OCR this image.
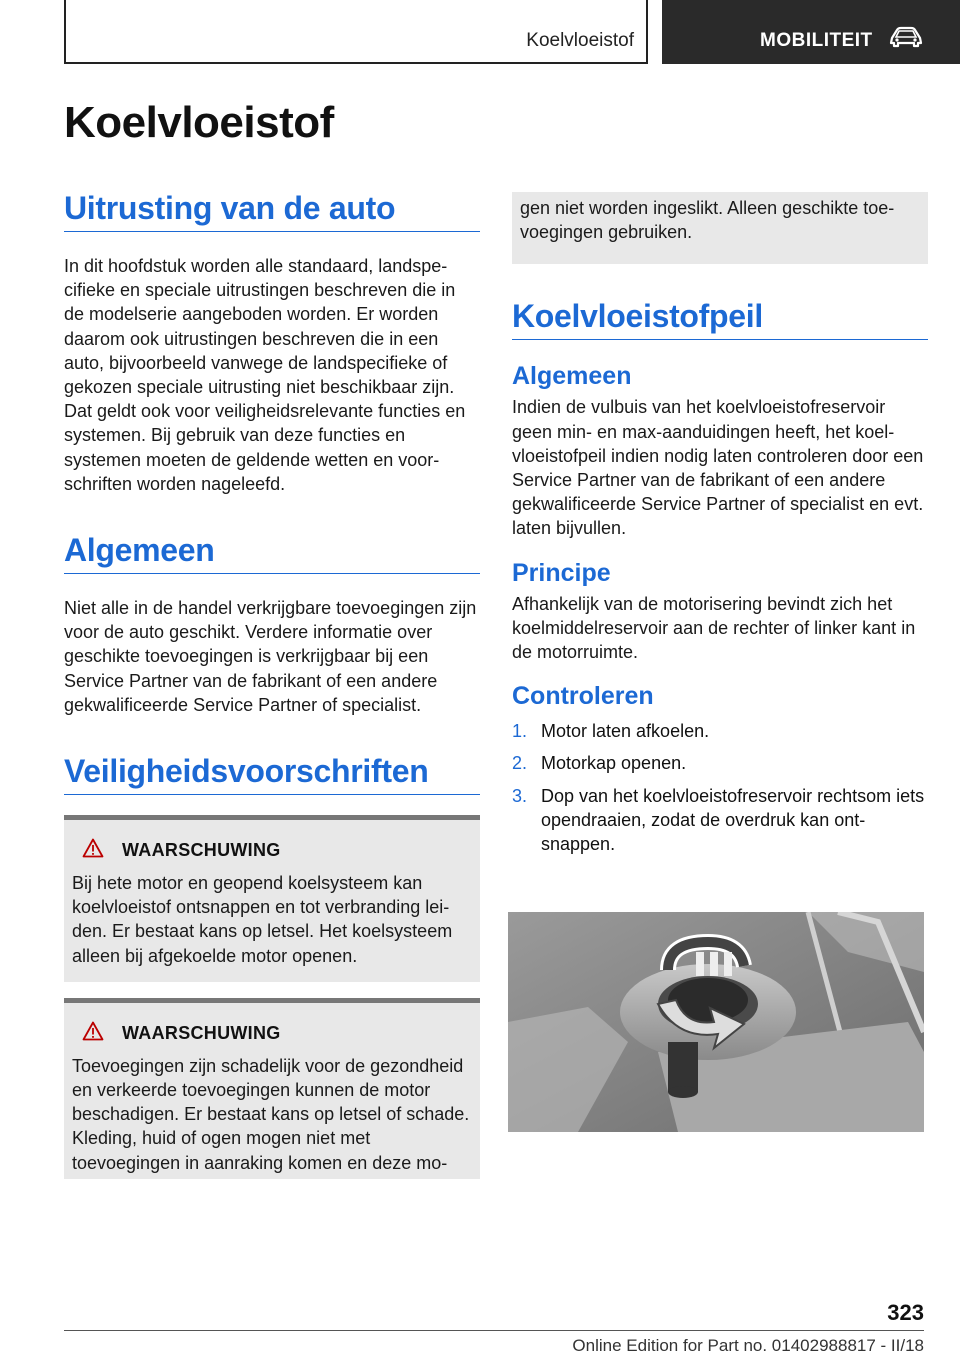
Koelvloeistof	MOBILITEIT
Koelvloeistof
Uitrusting van de auto

In dit hoofdstuk worden alle standaard, landspecifieke en speciale uitrustingen beschreven die in de modelserie aangeboden worden. Er worden daarom ook uitrustingen beschreven die in een auto, bijvoorbeeld vanwege de landspecifieke of gekozen speciale uitrusting niet beschikbaar zijn. Dat geldt ook voor veiligheidsrelevante functies en systemen. Bij gebruik van deze functies en systemen moeten de geldende wetten en voorschriften worden nageleefd.

Algemeen

Niet alle in de handel verkrijgbare toevoegingen zijn voor de auto geschikt. Verdere informatie over geschikte toevoegingen is verkrijgbaar bij een Service Partner van de fabrikant of een andere gekwalificeerde Service Partner of specialist.

Veiligheidsvoorschriften
WAARSCHUWING

Bij hete motor en geopend koelsysteem kan koelvloeistof ontsnappen en tot verbranding leiden. Er bestaat kans op letsel. Het koelsysteem alleen bij afgekoelde motor openen.

WAARSCHUWING

Toevoegingen zijn schadelijk voor de gezondheid en verkeerde toevoegingen kunnen de motor beschadigen. Er bestaat kans op letsel of schade. Kleding, huid of ogen mogen niet met toevoegingen in aanraking komen en deze mo-

gen niet worden ingeslikt. Alleen geschikte toevoegingen gebruiken.

Koelvloeistofpeil
Algemeen

Indien de vulbuis van het koelvloeistofreservoir geen min- en max-aanduidingen heeft, het koelvloeistofpeil indien nodig laten controleren door een Service Partner van de fabrikant of een andere gekwalificeerde Service Partner of specialist en evt. laten bijvullen.

Principe

Afhankelijk van de motorisering bevindt zich het koelmiddelreservoir aan de rechter of linker kant in de motorruimte.

Controleren
1. Motor laten afkoelen.
2. Motorkap openen.
3. Dop van het koelvloeistofreservoir rechtsom iets opendraaien, zodat de overdruk kan ontsnappen.
323
Online Edition for Part no. 01402988817 - II/18
